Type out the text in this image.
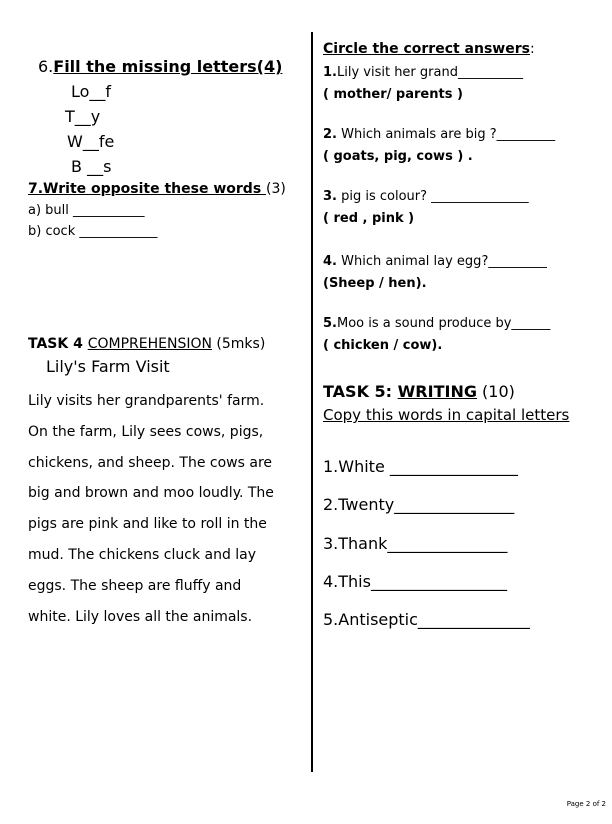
6.Fill the missing letters(4)
Lo__f
T__y
W__fe
B __s
7.Write opposite these words (3)
a) bull ___________
b) cock ____________
TASK 4 COMPREHENSION (5mks)
Lily's Farm Visit
Lily visits her grandparents' farm.
On the farm, Lily sees cows, pigs,
chickens, and sheep. The cows are
big and brown and moo loudly. The
pigs are pink and like to roll in the
mud. The chickens cluck and lay
eggs. The sheep are fluffy and
white. Lily loves all the animals.
Circle the correct answers:
1.Lily visit her grand__________
( mother/ parents )
2. Which animals are big ?_________
( goats, pig, cows ) .
3. pig is colour? _______________
( red , pink )
4. Which animal lay egg?_________
(Sheep / hen).
5.Moo is a sound produce by______
( chicken / cow).
TASK 5: WRITING (10)
Copy this words in capital letters
1.White ________________
2.Twenty_______________
3.Thank_______________
4.This_________________
5.Antiseptic______________
Page 2 of 2
